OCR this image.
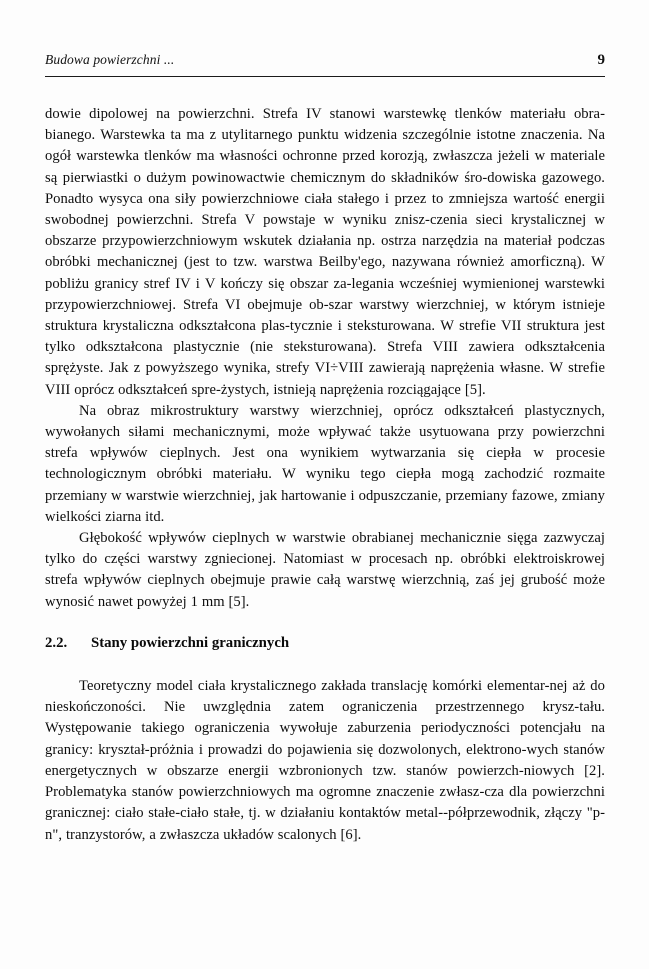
Budowa powierzchni ...	9

dowie dipolowej na powierzchni. Strefa IV stanowi warstewkę tlenków materiału obra-bianego. Warstewka ta ma z utylitarnego punktu widzenia szczególnie istotne znaczenia. Na ogół warstewka tlenków ma własności ochronne przed korozją, zwłaszcza jeżeli w materiale są pierwiastki o dużym powinowactwie chemicznym do składników śro-dowiska gazowego. Ponadto wysyca ona siły powierzchniowe ciała stałego i przez to zmniejsza wartość energii swobodnej powierzchni. Strefa V powstaje w wyniku znisz-czenia sieci krystalicznej w obszarze przypowierzchniowym wskutek działania np. ostrza narzędzia na materiał podczas obróbki mechanicznej (jest to tzw. warstwa Beilby'ego, nazywana również amorficzną). W pobliżu granicy stref IV i V kończy się obszar za-legania wcześniej wymienionej warstewki przypowierzchniowej. Strefa VI obejmuje ob-szar warstwy wierzchniej, w którym istnieje struktura krystaliczna odkształcona plas-tycznie i steksturowana. W strefie VII struktura jest tylko odkształcona plastycznie (nie steksturowana). Strefa VIII zawiera odkształcenia sprężyste. Jak z powyższego wynika, strefy VI÷VIII zawierają naprężenia własne. W strefie VIII oprócz odkształceń spre-żystych, istnieją naprężenia rozciągające [5].

Na obraz mikrostruktury warstwy wierzchniej, oprócz odkształceń plastycznych, wywołanych siłami mechanicznymi, może wpływać także usytuowana przy powierzchni strefa wpływów cieplnych. Jest ona wynikiem wytwarzania się ciepła w procesie technologicznym obróbki materiału. W wyniku tego ciepła mogą zachodzić rozmaite przemiany w warstwie wierzchniej, jak hartowanie i odpuszczanie, przemiany fazowe, zmiany wielkości ziarna itd.

Głębokość wpływów cieplnych w warstwie obrabianej mechanicznie sięga zazwyczaj tylko do części warstwy zgniecionej. Natomiast w procesach np. obróbki elektroiskrowej strefa wpływów cieplnych obejmuje prawie całą warstwę wierzchnią, zaś jej grubość może wynosić nawet powyżej 1 mm [5].

2.2.	Stany powierzchni granicznych

Teoretyczny model ciała krystalicznego zakłada translację komórki elementar-nej aż do nieskończoności. Nie uwzględnia zatem ograniczenia przestrzennego krysz-tału. Występowanie takiego ograniczenia wywołuje zaburzenia periodyczności potencjału na granicy: kryształ-próżnia i prowadzi do pojawienia się dozwolonych, elektrono-wych stanów energetycznych w obszarze energii wzbronionych tzw. stanów powierzch-niowych [2]. Problematyka stanów powierzchniowych ma ogromne znaczenie zwłasz-cza dla powierzchni granicznej: ciało stałe-ciało stałe, tj. w działaniu kontaktów metal--półprzewodnik, złączy "p-n", tranzystorów, a zwłaszcza układów scalonych [6].
